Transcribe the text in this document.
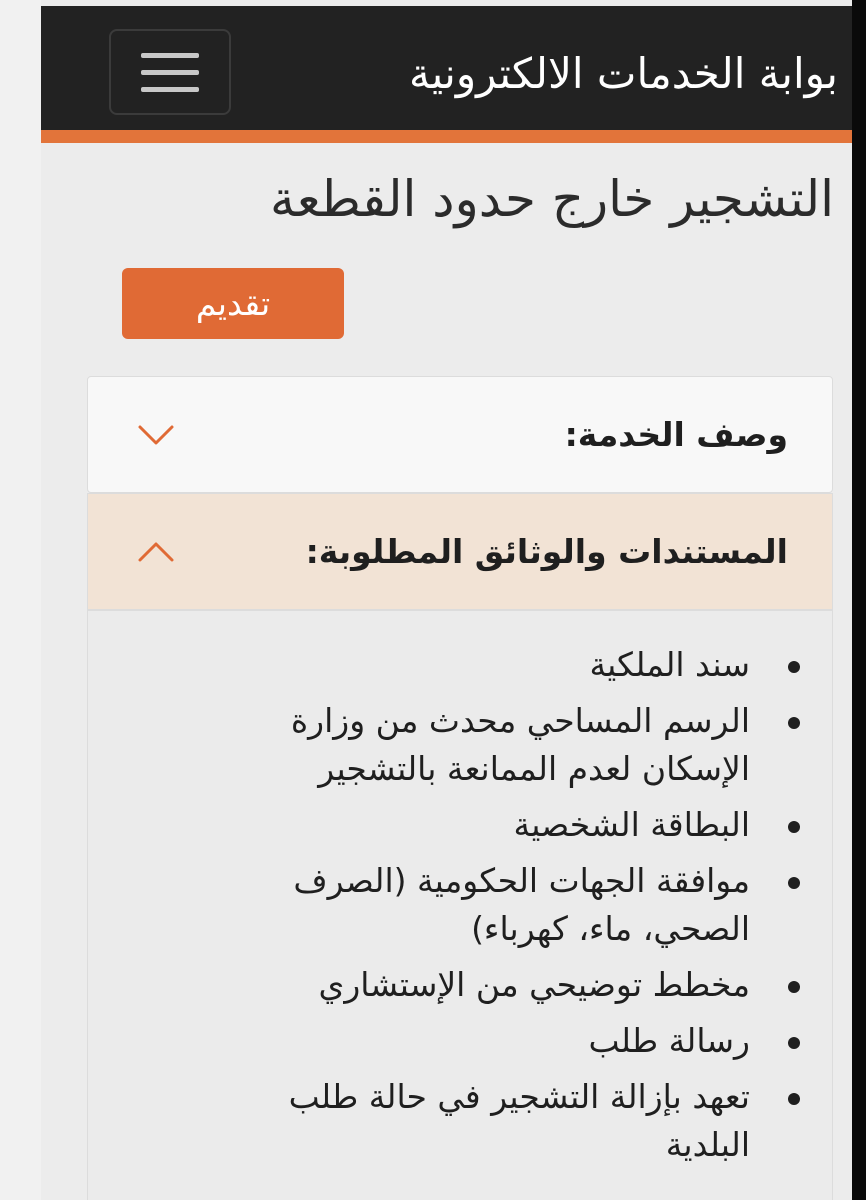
بوابة الخدمات الالكترونية
التشجير خارج حدود القطعة
تقديم
وصف الخدمة:
المستندات والوثائق المطلوبة:
سند الملكية
الرسم المساحي محدث من وزارة الإسكان لعدم الممانعة بالتشجير
البطاقة الشخصية
موافقة الجهات الحكومية (الصرف الصحي، ماء، كهرباء)
مخطط توضيحي من الإستشاري
رسالة طلب
تعهد بإزالة التشجير في حالة طلب البلدية
